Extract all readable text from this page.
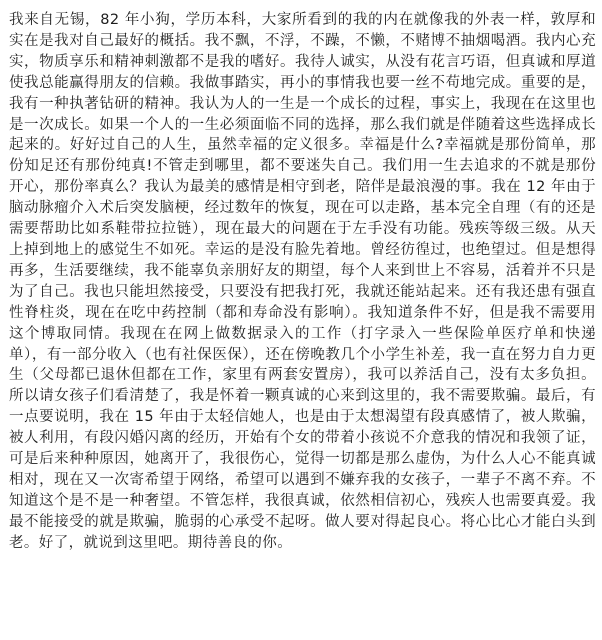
我来自无锡，82 年小狗，学历本科，大家所看到的我的内在就像我的外表一样，敦厚和实在是我对自己最好的概括。我不飘，不浮，不躁，不懒，不赌博不抽烟喝酒。我内心充实，物质享乐和精神刺激都不是我的嗜好。我待人诚实，从没有花言巧语，但真诚和厚道使我总能赢得朋友的信赖。我做事踏实，再小的事情我也要一丝不苟地完成。重要的是，我有一种执著钻研的精神。我认为人的一生是一个成长的过程，事实上，我现在在这里也是一次成长。如果一个人的一生必须面临不同的选择，那么我们就是伴随着这些选择成长起来的。好好过自己的人生，虽然幸福的定义很多。幸福是什么?幸福就是那份简单，那份知足还有那份纯真!不管走到哪里，都不要迷失自己。我们用一生去追求的不就是那份开心，那份率真么？我认为最美的感情是相守到老，陪伴是最浪漫的事。我在 12 年由于脑动脉瘤介入术后突发脑梗，经过数年的恢复，现在可以走路，基本完全自理（有的还是需要帮助比如系鞋带拉拉链），现在最大的问题在于左手没有功能。残疾等级三级。从天上掉到地上的感觉生不如死。幸运的是没有脸先着地。曾经彷徨过，也绝望过。但是想得再多，生活要继续，我不能辜负亲朋好友的期望，每个人来到世上不容易，活着并不只是为了自己。我也只能坦然接受，只要没有把我打死，我就还能站起来。还有我还患有强直性脊柱炎，现在在吃中药控制（都和寿命没有影响）。我知道条件不好，但是我不需要用这个博取同情。我现在在网上做数据录入的工作（打字录入一些保险单医疗单和快递单），有一部分收入（也有社保医保），还在傍晚教几个小学生补差，我一直在努力自力更生（父母都已退休但都在工作，家里有两套安置房），我可以养活自己，没有太多负担。所以请女孩子们看清楚了，我是怀着一颗真诚的心来到这里的，我不需要欺骗。最后，有一点要说明，我在 15 年由于太轻信她人，也是由于太想渴望有段真感情了，被人欺骗，被人利用，有段闪婚闪离的经历，开始有个女的带着小孩说不介意我的情况和我领了证，可是后来种种原因，她离开了，我很伤心，觉得一切都是那么虚伪，为什么人心不能真诚相对，现在又一次寄希望于网络，希望可以遇到不嫌弃我的女孩子，一辈子不离不弃。不知道这个是不是一种奢望。不管怎样，我很真诚，依然相信初心，残疾人也需要真爱。我最不能接受的就是欺骗，脆弱的心承受不起呀。做人要对得起良心。将心比心才能白头到老。好了，就说到这里吧。期待善良的你。
